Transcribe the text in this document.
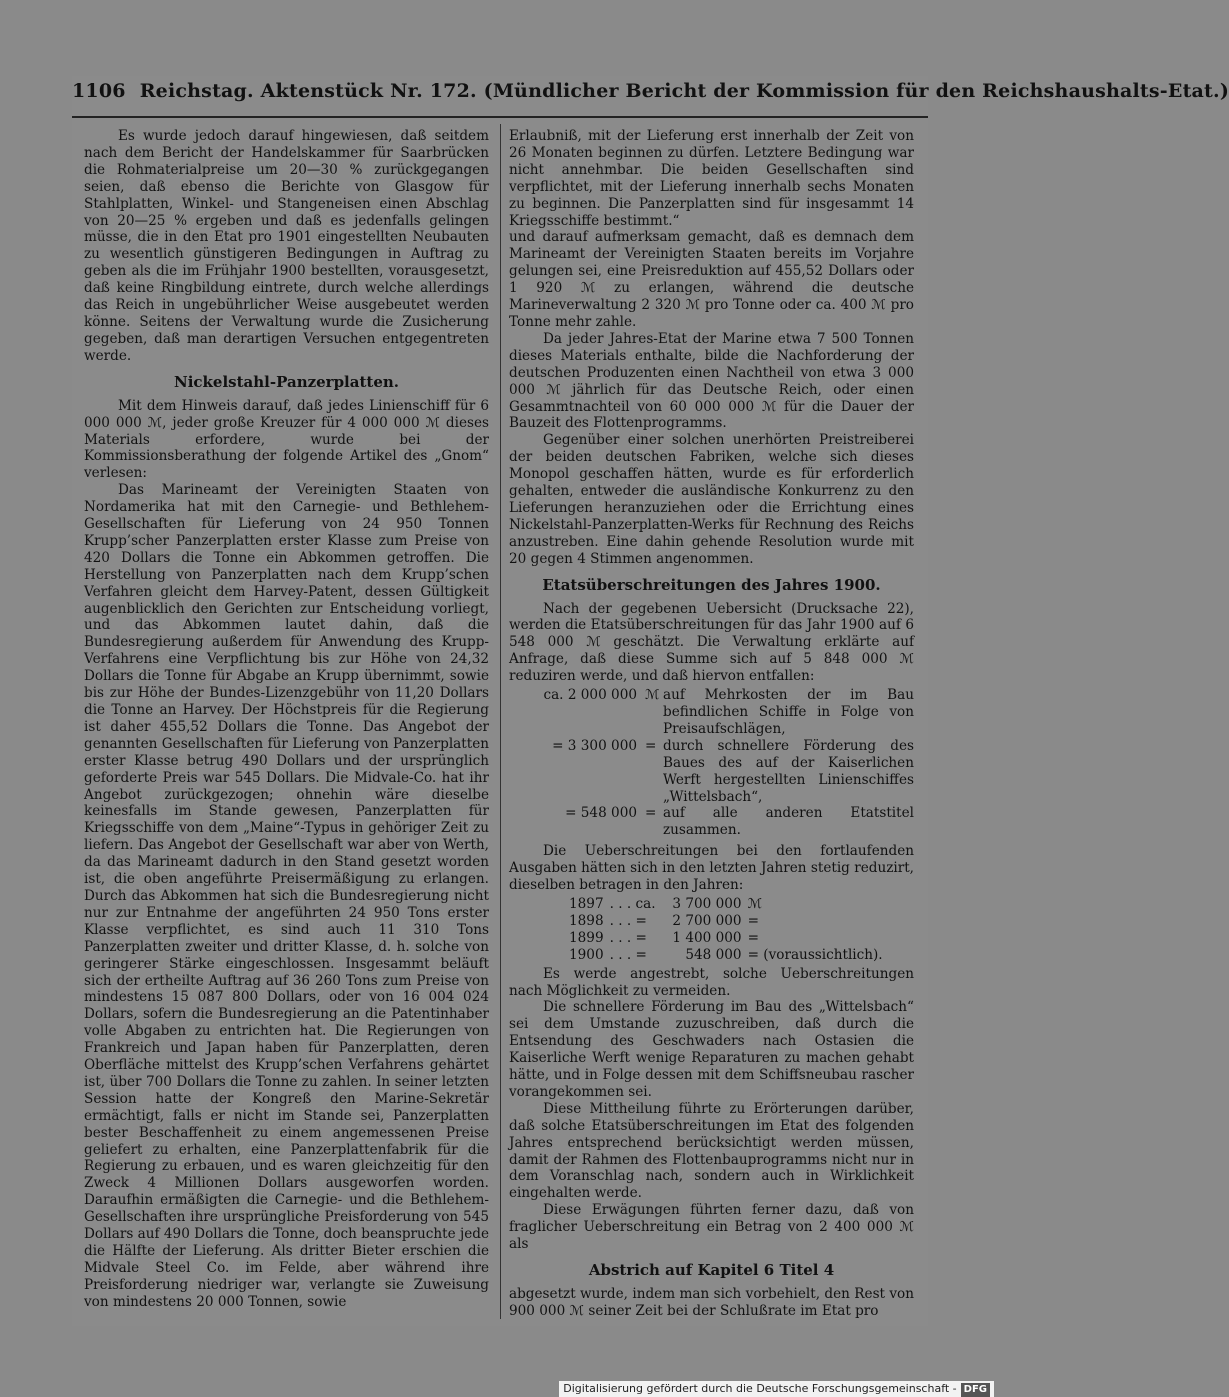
1106 Reichstag. Aktenstück Nr. 172. (Mündlicher Bericht der Kommission für den Reichshaushalts-Etat.)

Es wurde jedoch darauf hingewiesen, daß seitdem nach dem Bericht der Handelskammer für Saarbrücken die Rohmaterialpreise um 20—30 % zurückgegangen seien, daß ebenso die Berichte von Glasgow für Stahlplatten, Winkel- und Stangeneisen einen Abschlag von 20—25 % ergeben und daß es jedenfalls gelingen müsse, die in den Etat pro 1901 eingestellten Neubauten zu wesentlich günstigeren Bedingungen in Auftrag zu geben als die im Frühjahr 1900 bestellten, vorausgesetzt, daß keine Ringbildung eintrete, durch welche allerdings das Reich in ungebührlicher Weise ausgebeutet werden könne. Seitens der Verwaltung wurde die Zusicherung gegeben, daß man derartigen Versuchen entgegentreten werde.

Nickelstahl-Panzerplatten.

Mit dem Hinweis darauf, daß jedes Linienschiff für 6 000 000 ℳ, jeder große Kreuzer für 4 000 000 ℳ dieses Materials erfordere, wurde bei der Kommissionsberathung der folgende Artikel des „Gnom“ verlesen:

Das Marineamt der Vereinigten Staaten von Nordamerika hat mit den Carnegie- und Bethlehem-Gesellschaften für Lieferung von 24 950 Tonnen Krupp’scher Panzerplatten erster Klasse zum Preise von 420 Dollars die Tonne ein Abkommen getroffen. Die Herstellung von Panzerplatten nach dem Krupp’schen Verfahren gleicht dem Harvey-Patent, dessen Gültigkeit augenblicklich den Gerichten zur Entscheidung vorliegt, und das Abkommen lautet dahin, daß die Bundesregierung außerdem für Anwendung des Krupp-Verfahrens eine Verpflichtung bis zur Höhe von 24,32 Dollars die Tonne für Abgabe an Krupp übernimmt, sowie bis zur Höhe der Bundes-Lizenzgebühr von 11,20 Dollars die Tonne an Harvey. Der Höchstpreis für die Regierung ist daher 455,52 Dollars die Tonne. Das Angebot der genannten Gesellschaften für Lieferung von Panzerplatten erster Klasse betrug 490 Dollars und der ursprünglich geforderte Preis war 545 Dollars. Die Midvale-Co. hat ihr Angebot zurückgezogen; ohnehin wäre dieselbe keinesfalls im Stande gewesen, Panzerplatten für Kriegsschiffe von dem „Maine“-Typus in gehöriger Zeit zu liefern. Das Angebot der Gesellschaft war aber von Werth, da das Marineamt dadurch in den Stand gesetzt worden ist, die oben angeführte Preisermäßigung zu erlangen. Durch das Abkommen hat sich die Bundesregierung nicht nur zur Entnahme der angeführten 24 950 Tons erster Klasse verpflichtet, es sind auch 11 310 Tons Panzerplatten zweiter und dritter Klasse, d. h. solche von geringerer Stärke eingeschlossen. Insgesammt beläuft sich der ertheilte Auftrag auf 36 260 Tons zum Preise von mindestens 15 087 800 Dollars, oder von 16 004 024 Dollars, sofern die Bundesregierung an die Patentinhaber volle Abgaben zu entrichten hat. Die Regierungen von Frankreich und Japan haben für Panzerplatten, deren Oberfläche mittelst des Krupp’schen Verfahrens gehärtet ist, über 700 Dollars die Tonne zu zahlen. In seiner letzten Session hatte der Kongreß den Marine-Sekretär ermächtigt, falls er nicht im Stande sei, Panzerplatten bester Beschaffenheit zu einem angemessenen Preise geliefert zu erhalten, eine Panzerplattenfabrik für die Regierung zu erbauen, und es waren gleichzeitig für den Zweck 4 Millionen Dollars ausgeworfen worden. Daraufhin ermäßigten die Carnegie- und die Bethlehem-Gesellschaften ihre ursprüngliche Preisforderung von 545 Dollars auf 490 Dollars die Tonne, doch beanspruchte jede die Hälfte der Lieferung. Als dritter Bieter erschien die Midvale Steel Co. im Felde, aber während ihre Preisforderung niedriger war, verlangte sie Zuweisung von mindestens 20 000 Tonnen, sowie

Erlaubniß, mit der Lieferung erst innerhalb der Zeit von 26 Monaten beginnen zu dürfen. Letztere Bedingung war nicht annehmbar. Die beiden Gesellschaften sind verpflichtet, mit der Lieferung innerhalb sechs Monaten zu beginnen. Die Panzerplatten sind für insgesammt 14 Kriegsschiffe bestimmt.“

und darauf aufmerksam gemacht, daß es demnach dem Marineamt der Vereinigten Staaten bereits im Vorjahre gelungen sei, eine Preisreduktion auf 455,52 Dollars oder 1 920 ℳ zu erlangen, während die deutsche Marineverwaltung 2 320 ℳ pro Tonne oder ca. 400 ℳ pro Tonne mehr zahle.

Da jeder Jahres-Etat der Marine etwa 7 500 Tonnen dieses Materials enthalte, bilde die Nachforderung der deutschen Produzenten einen Nachtheil von etwa 3 000 000 ℳ jährlich für das Deutsche Reich, oder einen Gesammtnachteil von 60 000 000 ℳ für die Dauer der Bauzeit des Flottenprogramms.

Gegenüber einer solchen unerhörten Preistreiberei der beiden deutschen Fabriken, welche sich dieses Monopol geschaffen hätten, wurde es für erforderlich gehalten, entweder die ausländische Konkurrenz zu den Lieferungen heranzuziehen oder die Errichtung eines Nickelstahl-Panzerplatten-Werks für Rechnung des Reichs anzustreben. Eine dahin gehende Resolution wurde mit 20 gegen 4 Stimmen angenommen.

Etatsüberschreitungen des Jahres 1900.

Nach der gegebenen Uebersicht (Drucksache 22), werden die Etatsüberschreitungen für das Jahr 1900 auf 6 548 000 ℳ geschätzt. Die Verwaltung erklärte auf Anfrage, daß diese Summe sich auf 5 848 000 ℳ reduziren werde, und daß hiervon entfallen:

ca. 2 000 000	ℳ	auf Mehrkosten der im Bau befindlichen Schiffe in Folge von Preisaufschlägen,
= 3 300 000	=	durch schnellere Förderung des Baues des auf der Kaiserlichen Werft hergestellten Linienschiffes „Wittelsbach“,
= 548 000	=	auf alle anderen Etatstitel zusammen.

Die Ueberschreitungen bei den fortlaufenden Ausgaben hätten sich in den letzten Jahren stetig reduzirt, dieselben betragen in den Jahren:

1897	. . . ca.	3 700 000	ℳ
1898	. . . =	2 700 000	=
1899	. . . =	1 400 000	=
1900	. . . =	548 000	= (voraussichtlich).

Es werde angestrebt, solche Ueberschreitungen nach Möglichkeit zu vermeiden.

Die schnellere Förderung im Bau des „Wittelsbach“ sei dem Umstande zuzuschreiben, daß durch die Entsendung des Geschwaders nach Ostasien die Kaiserliche Werft wenige Reparaturen zu machen gehabt hätte, und in Folge dessen mit dem Schiffsneubau rascher vorangekommen sei.

Diese Mittheilung führte zu Erörterungen darüber, daß solche Etatsüberschreitungen im Etat des folgenden Jahres entsprechend berücksichtigt werden müssen, damit der Rahmen des Flottenbauprogramms nicht nur in dem Voranschlag nach, sondern auch in Wirklichkeit eingehalten werde.

Diese Erwägungen führten ferner dazu, daß von fraglicher Ueberschreitung ein Betrag von 2 400 000 ℳ als

Abstrich auf Kapitel 6 Titel 4

abgesetzt wurde, indem man sich vorbehielt, den Rest von 900 000 ℳ seiner Zeit bei der Schlußrate im Etat pro

Digitalisierung gefördert durch die Deutsche Forschungsgemeinschaft - DFG
